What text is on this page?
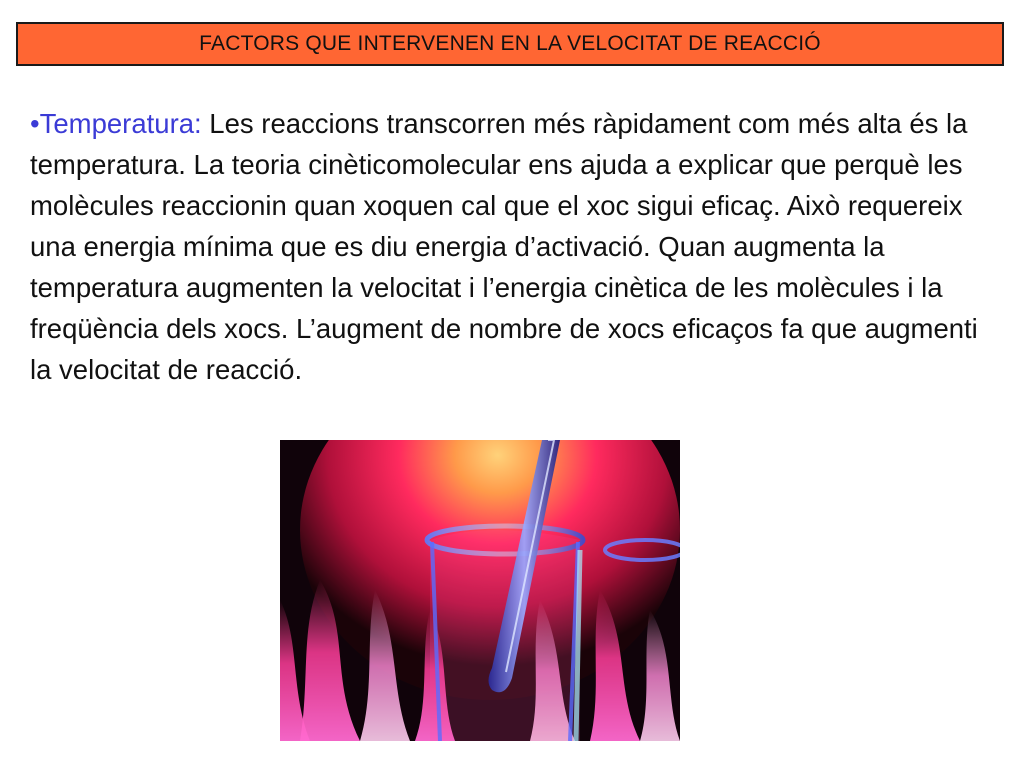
FACTORS QUE INTERVENEN EN LA VELOCITAT DE REACCIÓ

•Temperatura: Les reaccions transcorren més ràpidament com més alta és la temperatura. La teoria cinèticomolecular ens ajuda a explicar que perquè les molècules reaccionin quan xoquen cal que el xoc sigui eficaç. Això requereix una energia mínima que es diu energia d’activació. Quan augmenta la temperatura augmenten la velocitat i l’energia cinètica de les molècules i la freqüència dels xocs. L’augment de nombre de xocs eficaços fa que augmenti la velocitat de reacció.
